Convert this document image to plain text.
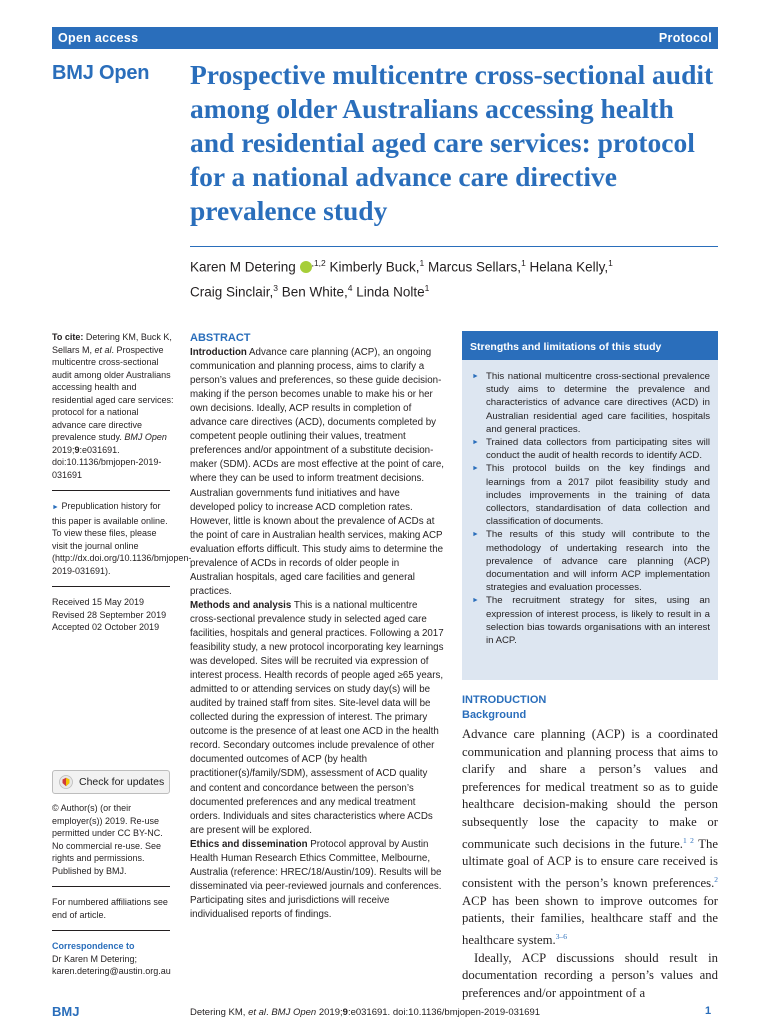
Open access	Protocol
BMJ Open Prospective multicentre cross-sectional audit among older Australians accessing health and residential aged care services: protocol for a national advance care directive prevalence study
Karen M Detering $^{,1,2}$ Kimberly Buck,$^1$ Marcus Sellars,$^1$ Helana Kelly,$^1$
Craig Sinclair,$^3$ Ben White,$^4$ Linda Nolte$^1$

To cite: Detering KM, Buck K, Sellars M, et al. Prospective multicentre cross-sectional audit among older Australians accessing health and residential aged care services: protocol for a national advance care directive prevalence study. BMJ Open 2019;9:e031691. doi:10.1136/bmjopen-2019-031691

► Prepublication history for this paper is available online. To view these files, please visit the journal online (http://dx.doi.org/10.1136/bmjopen-2019-031691).

Received 15 May 2019

Revised 28 September 2019

Accepted 02 October 2019

Check for updates

© Author(s) (or their employer(s)) 2019. Re-use permitted under CC BY-NC. No commercial re-use. See rights and permissions. Published by BMJ.

For numbered affiliations see end of article.

Correspondence to

Dr Karen M Detering;

karen.detering@austin.org.au

ABSTRACT

Introduction Advance care planning (ACP), an ongoing communication and planning process, aims to clarify a person’s values and preferences, so these guide decision-making if the person becomes unable to make his or her own decisions. Ideally, ACP results in completion of advance care directives (ACD), documents completed by competent people outlining their values, treatment preferences and/or appointment of a substitute decision-maker (SDM). ACDs are most effective at the point of care, where they can be used to inform treatment decisions. Australian governments fund initiatives and have developed policy to increase ACD completion rates. However, little is known about the prevalence of ACDs at the point of care in Australian health services, making ACP evaluation efforts difficult. This study aims to determine the prevalence of ACDs in records of older people in Australian hospitals, aged care facilities and general practices.

Methods and analysis This is a national multicentre cross-sectional prevalence study in selected aged care facilities, hospitals and general practices. Following a 2017 feasibility study, a new protocol incorporating key learnings was developed. Sites will be recruited via expression of interest process. Health records of people aged ≥65 years, admitted to or attending services on study day(s) will be audited by trained staff from sites. Site-level data will be collected during the expression of interest. The primary outcome is the presence of at least one ACD in the health record. Secondary outcomes include prevalence of other documented outcomes of ACP (by health practitioner(s)/family/SDM), assessment of ACD quality and content and concordance between the person’s documented preferences and any medical treatment orders. Individuals and sites characteristics where ACDs are present will be explored.

Ethics and dissemination Protocol approval by Austin Health Human Research Ethics Committee, Melbourne, Australia (reference: HREC/18/Austin/109). Results will be disseminated via peer-reviewed journals and conferences. Participating sites and jurisdictions will receive individualised reports of findings.

Strengths and limitations of this study
► This national multicentre cross-sectional prevalence study aims to determine the prevalence and characteristics of advance care directives (ACD) in Australian residential aged care facilities, hospitals and general practices.
► Trained data collectors from participating sites will conduct the audit of health records to identify ACD.
► This protocol builds on the key findings and learnings from a 2017 pilot feasibility study and includes improvements in the training of data collectors, standardisation of data collection and classification of documents.
► The results of this study will contribute to the methodology of undertaking research into the prevalence of advance care planning (ACP) documentation and will inform ACP implementation strategies and evaluation processes.
► The recruitment strategy for sites, using an expression of interest process, is likely to result in a selection bias towards organisations with an interest in ACP.

INTRODUCTION

Background

Advance care planning (ACP) is a coordinated communication and planning process that aims to clarify and share a person’s values and preferences for medical treatment so as to guide healthcare decision-making should the person subsequently lose the capacity to make or communicate such decisions in the future.$^{1 2}$ The ultimate goal of ACP is to ensure care received is consistent with the person’s known preferences.$^2$ ACP has been shown to improve outcomes for patients, their families, healthcare staff and the healthcare system.$^{3-6}$

Ideally, ACP discussions should result in documentation recording a person’s values and preferences and/or appointment of a

BMJ	Detering KM, et al. BMJ Open 2019;9:e031691. doi:10.1136/bmjopen-2019-031691	1
